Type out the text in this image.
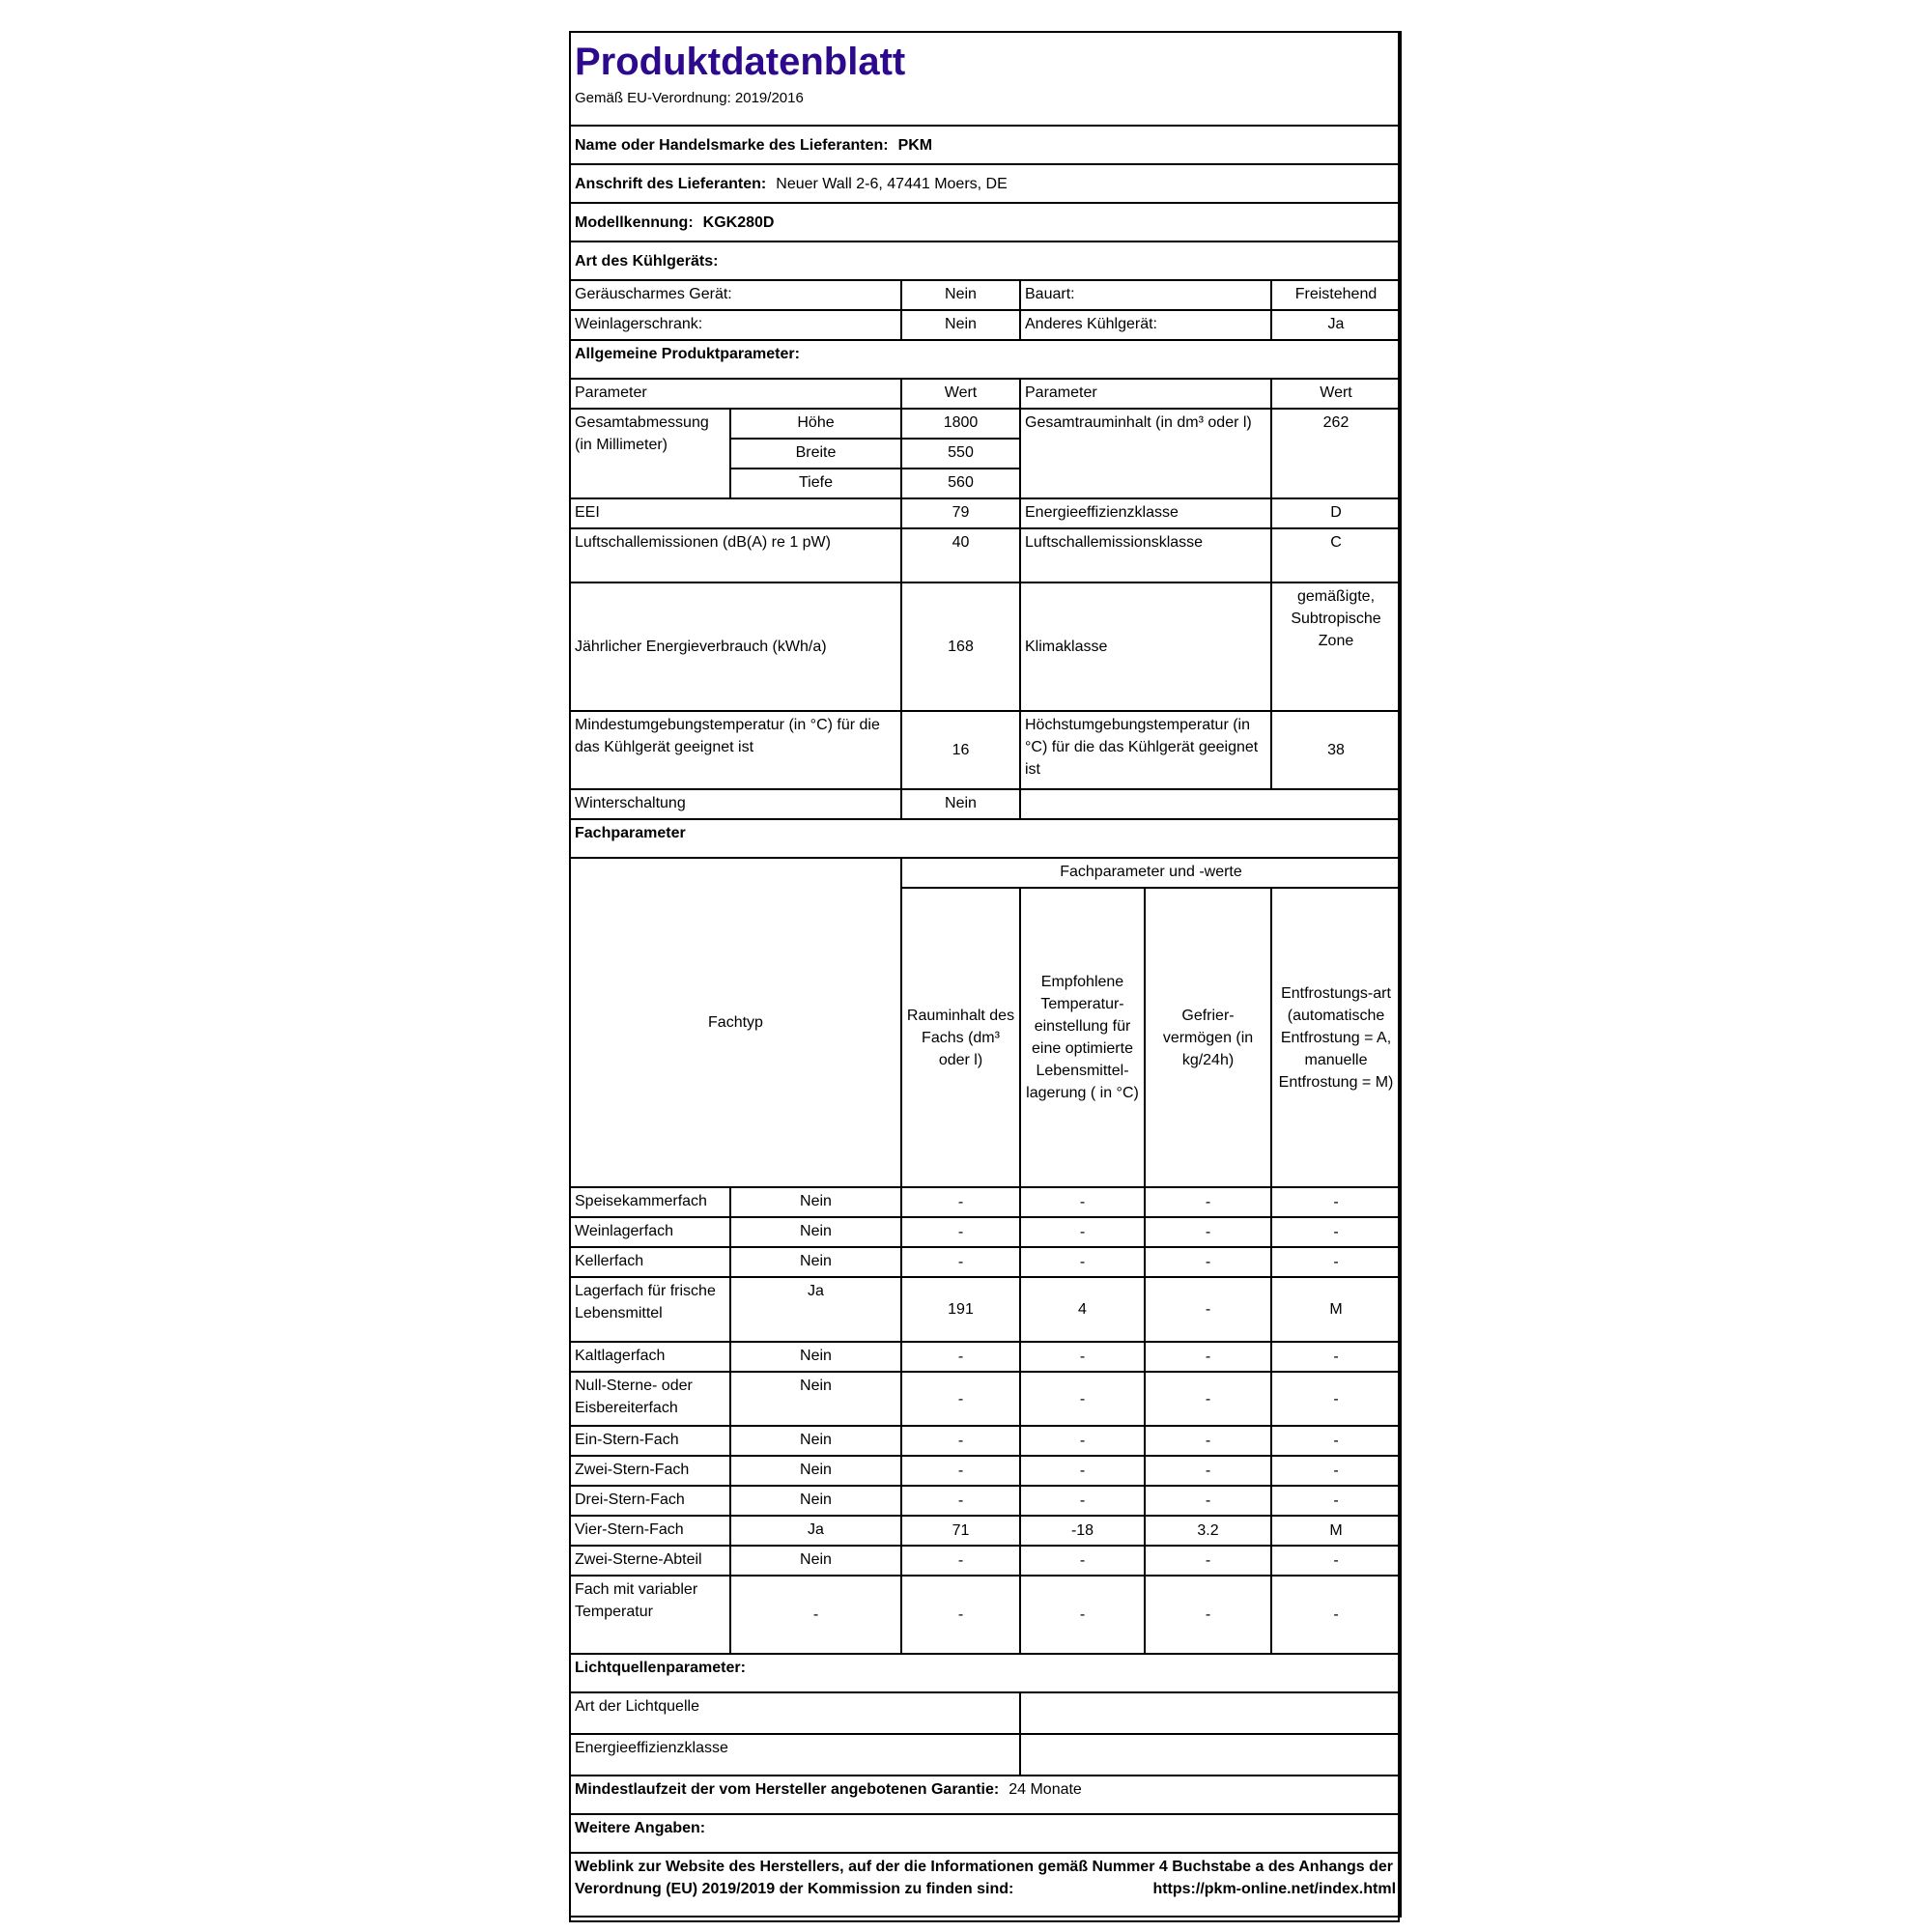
Produktdatenblatt
Gemäß EU-Verordnung: 2019/2016					

Name oder Handelsmarke des Lieferanten: PKM					
Anschrift des Lieferanten: Neuer Wall 2-6, 47441 Moers, DE					
Modellkennung: KGK280D					
Art des Kühlgeräts:					
Geräuscharmes Gerät:		Nein	Bauart:		Freistehend
Weinlagerschrank:		Nein	Anderes Kühlgerät:		Ja
Allgemeine Produktparameter:					
Parameter		Wert	Parameter		Wert
Gesamtabmessung (in Millimeter)	Höhe	1800	Gesamtrauminhalt (in dm³ oder l)		262
	Breite	550			
	Tiefe	560			
EEI		79	Energieeffizienzklasse		D
Luftschallemissionen (dB(A) re 1 pW)		40	Luftschallemissionsklasse		C
Jährlicher Energieverbrauch (kWh/a)		168	Klimaklasse		gemäßigte, Subtropische Zone
Mindestumgebungstemperatur (in °C) für die das Kühlgerät geeignet ist		16	Höchstumgebungstemperatur (in °C) für die das Kühlgerät geeignet ist		38
Winterschaltung		Nein			
Fachparameter					
Fachtyp		Fachparameter und -werte			
		Rauminhalt des Fachs (dm³ oder l)	Empfohlene Temperatur-einstellung für eine optimierte Lebensmittel-lagerung ( in °C)	Gefrier-vermögen (in kg/24h)	Entfrostungs-art (automatische Entfrostung = A, manuelle Entfrostung = M)
Speisekammerfach	Nein	-	-	-	-
Weinlagerfach	Nein	-	-	-	-
Kellerfach	Nein	-	-	-	-
Lagerfach für frische Lebensmittel	Ja	191	4	-	M
Kaltlagerfach	Nein	-	-	-	-
Null-Sterne- oder Eisbereiterfach	Nein	-	-	-	-
Ein-Stern-Fach	Nein	-	-	-	-
Zwei-Stern-Fach	Nein	-	-	-	-
Drei-Stern-Fach	Nein	-	-	-	-
Vier-Stern-Fach	Ja	71	-18	3.2	M
Zwei-Sterne-Abteil	Nein	-	-	-	-
Fach mit variabler Temperatur	-	-	-	-	-
Lichtquellenparameter:					
Art der Lichtquelle					
Energieeffizienzklasse					
Mindestlaufzeit der vom Hersteller angebotenen Garantie: 24 Monate					
Weitere Angaben:					
Weblink zur Website des Herstellers, auf der die Informationen gemäß Nummer 4 Buchstabe a des Anhangs der Verordnung (EU) 2019/2019 der Kommission zu finden sind: https://pkm-online.net/index.html					
